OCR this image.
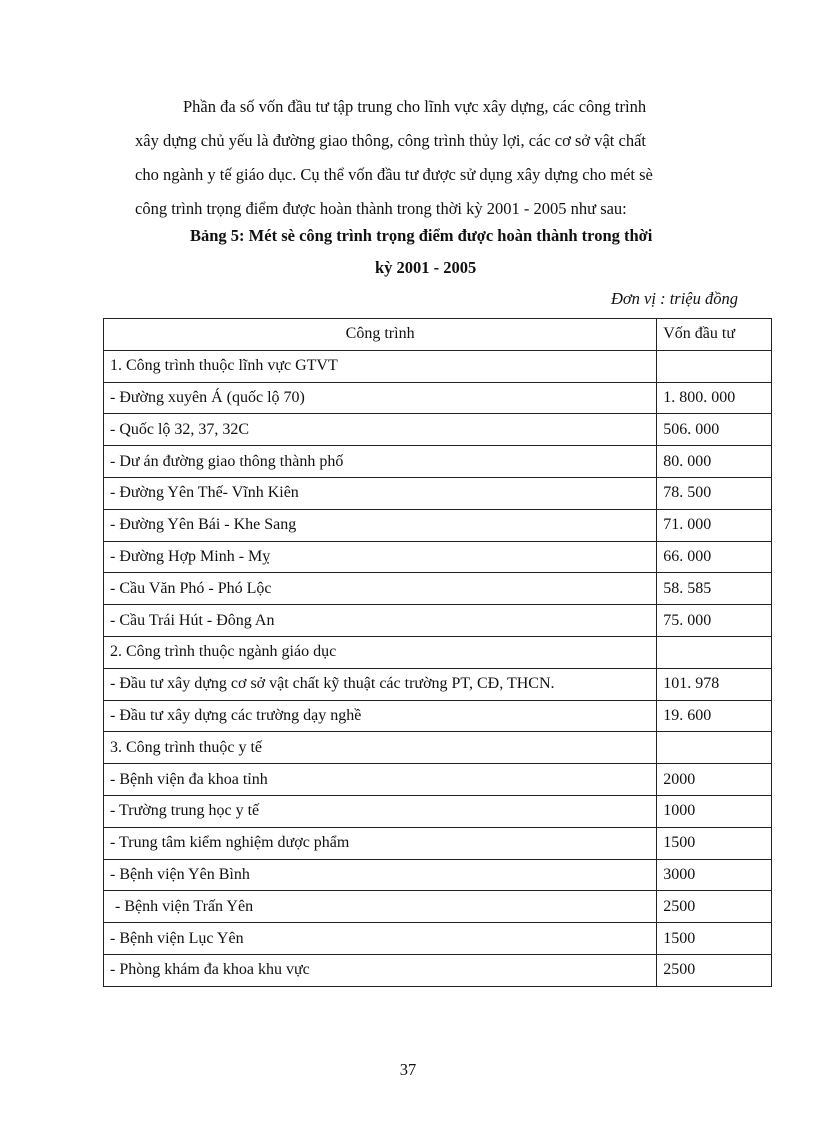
Phần đa số vốn đầu tư tập trung cho lĩnh vực xây dựng, các công trình
xây dựng chủ yếu là đường giao thông, công trình thủy lợi, các cơ sở vật chất
cho ngành y tế giáo dục. Cụ thể vốn đầu tư được sử dụng xây dựng cho mét sè
công trình trọng điểm được hoàn thành trong thời kỳ 2001 - 2005 như sau:

Bảng 5: Mét sè công trình trọng điểm được hoàn thành trong thời

kỳ 2001 - 2005

Đơn vị : triệu đồng
Công trình	Vốn đầu tư
1. Công trình thuộc lĩnh vực GTVT	
- Đường xuyên Á (quốc lộ 70)	1. 800. 000
- Quốc lộ 32, 37, 32C	506. 000
- Dư án đường giao thông thành phố	80. 000
- Đường Yên Thế- Vĩnh Kiên	78. 500
- Đường Yên Bái - Khe Sang	71. 000
- Đường Hợp Minh - Mỵ	66. 000
- Cầu Văn Phó - Phó Lộc	58. 585
- Cầu Trái Hút - Đông An	75. 000
2. Công trình thuộc ngành giáo dục	
- Đầu tư xây dựng cơ sở vật chất kỹ thuật các trường PT, CĐ, THCN.	101. 978
- Đầu tư xây dựng các trường dạy nghề	19. 600
3. Công trình thuộc y tế	
- Bệnh viện đa khoa tỉnh	2000
- Trường trung học y tế	1000
- Trung tâm kiểm nghiệm dược phẩm	1500
- Bệnh viện Yên Bình	3000
- Bệnh viện Trấn Yên	2500
- Bệnh viện Lục Yên	1500
- Phòng khám đa khoa khu vực	2500
37
